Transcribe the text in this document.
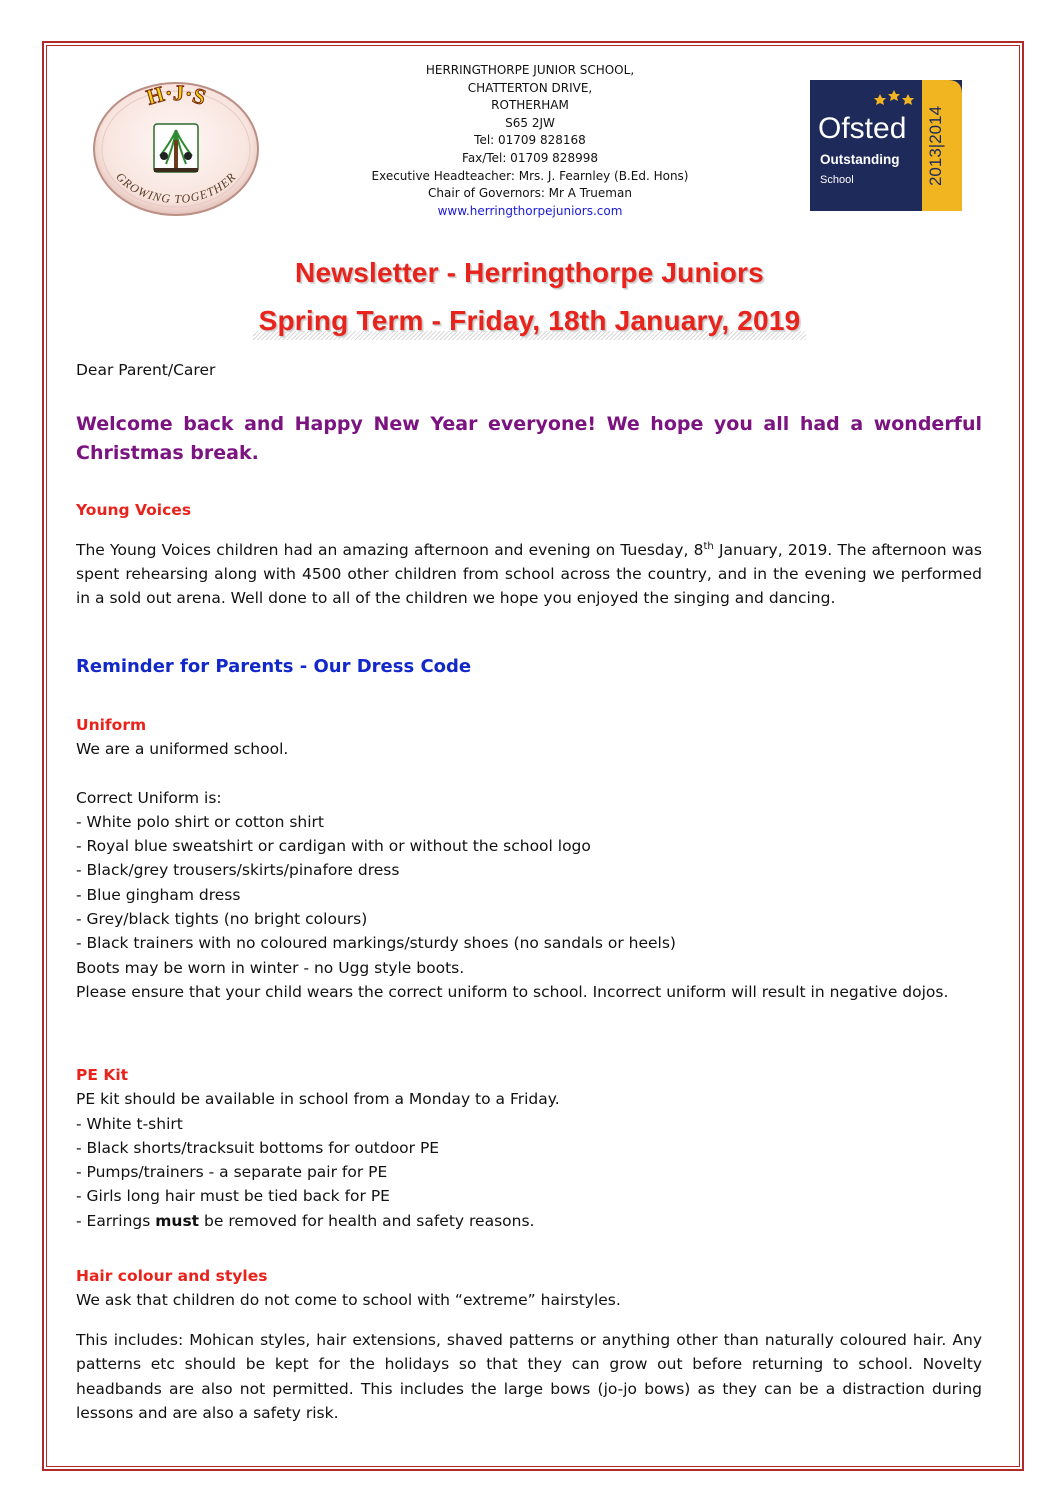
H·J·S
GROWING TOGETHER
HERRINGTHORPE JUNIOR SCHOOL,
CHATTERTON DRIVE,
ROTHERHAM
S65 2JW
Tel: 01709 828168
Fax/Tel: 01709 828998
Executive Headteacher: Mrs. J. Fearnley (B.Ed. Hons)
Chair of Governors: Mr A Trueman
www.herringthorpejuniors.com
2013|2014
Ofsted
Outstanding
School
Newsletter - Herringthorpe Juniors
Spring Term - Friday, 18th January, 2019
Dear Parent/Carer
Welcome back and Happy New Year everyone! We hope you all had a wonderful Christmas break.
Young Voices

The Young Voices children had an amazing afternoon and evening on Tuesday, 8th January, 2019. The afternoon was spent rehearsing along with 4500 other children from school across the country, and in the evening we performed in a sold out arena. Well done to all of the children we hope you enjoyed the singing and dancing.

Reminder for Parents - Our Dress Code
Uniform
We are a uniformed school.
Correct Uniform is:
- White polo shirt or cotton shirt
- Royal blue sweatshirt or cardigan with or without the school logo
- Black/grey trousers/skirts/pinafore dress
- Blue gingham dress
- Grey/black tights (no bright colours)
- Black trainers with no coloured markings/sturdy shoes (no sandals or heels)
Boots may be worn in winter - no Ugg style boots.
Please ensure that your child wears the correct uniform to school. Incorrect uniform will result in negative dojos.
PE Kit
PE kit should be available in school from a Monday to a Friday.
- White t-shirt
- Black shorts/tracksuit bottoms for outdoor PE
- Pumps/trainers - a separate pair for PE
- Girls long hair must be tied back for PE
- Earrings must be removed for health and safety reasons.
Hair colour and styles
We ask that children do not come to school with “extreme” hairstyles.

This includes: Mohican styles, hair extensions, shaved patterns or anything other than naturally coloured hair. Any patterns etc should be kept for the holidays so that they can grow out before returning to school. Novelty headbands are also not permitted. This includes the large bows (jo-jo bows) as they can be a distraction during lessons and are also a safety risk.
